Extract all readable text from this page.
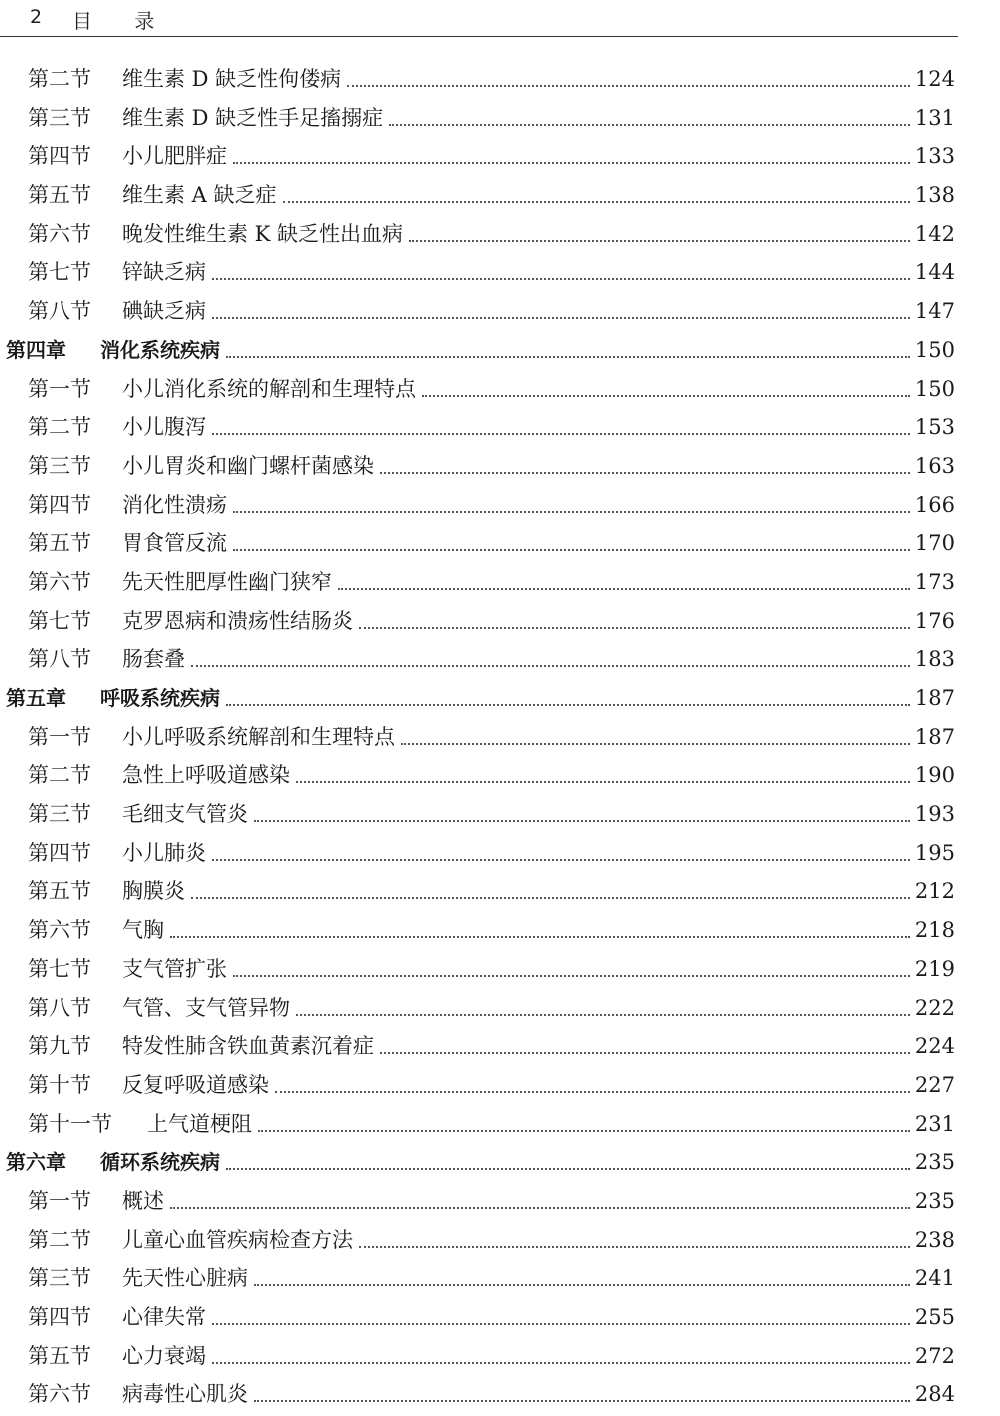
2 目 录
第二节 维生素 D 缺乏性佝偻病	124
第三节 维生素 D 缺乏性手足搐搦症	131
第四节 小儿肥胖症	133
第五节 维生素 A 缺乏症	138
第六节 晚发性维生素 K 缺乏性出血病	142
第七节 锌缺乏病	144
第八节 碘缺乏病	147
第四章 消化系统疾病	150
第一节 小儿消化系统的解剖和生理特点	150
第二节 小儿腹泻	153
第三节 小儿胃炎和幽门螺杆菌感染	163
第四节 消化性溃疡	166
第五节 胃食管反流	170
第六节 先天性肥厚性幽门狭窄	173
第七节 克罗恩病和溃疡性结肠炎	176
第八节 肠套叠	183
第五章 呼吸系统疾病	187
第一节 小儿呼吸系统解剖和生理特点	187
第二节 急性上呼吸道感染	190
第三节 毛细支气管炎	193
第四节 小儿肺炎	195
第五节 胸膜炎	212
第六节 气胸	218
第七节 支气管扩张	219
第八节 气管、支气管异物	222
第九节 特发性肺含铁血黄素沉着症	224
第十节 反复呼吸道感染	227
第十一节 上气道梗阻	231
第六章 循环系统疾病	235
第一节 概述	235
第二节 儿童心血管疾病检查方法	238
第三节 先天性心脏病	241
第四节 心律失常	255
第五节 心力衰竭	272
第六节 病毒性心肌炎	284
